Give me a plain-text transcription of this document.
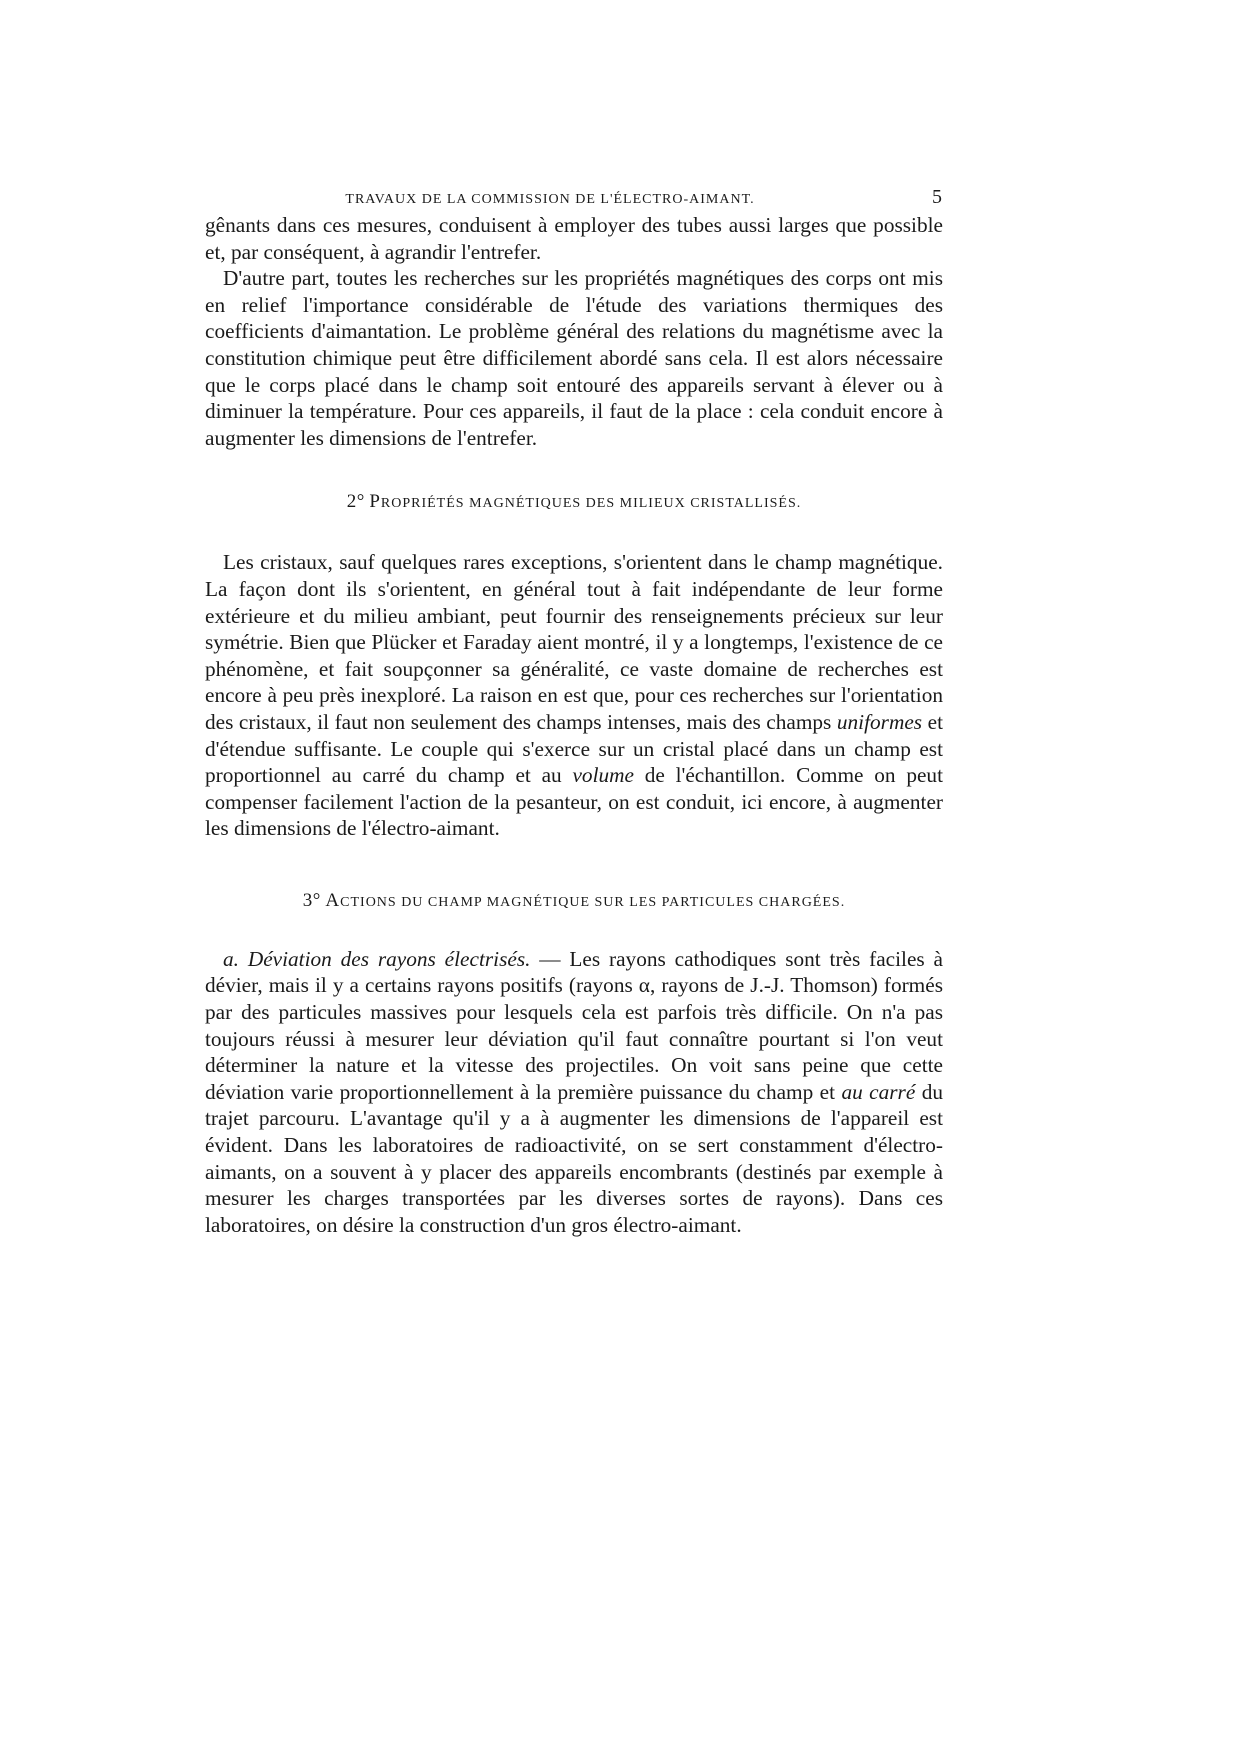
TRAVAUX DE LA COMMISSION DE L'ÉLECTRO-AIMANT.	5

gênants dans ces mesures, conduisent à employer des tubes aussi larges que possible et, par conséquent, à agrandir l'entrefer.

D'autre part, toutes les recherches sur les propriétés magnétiques des corps ont mis en relief l'importance considérable de l'étude des variations thermiques des coefficients d'aimantation. Le problème général des relations du magnétisme avec la constitution chimique peut être difficilement abordé sans cela. Il est alors nécessaire que le corps placé dans le champ soit entouré des appareils servant à élever ou à diminuer la température. Pour ces appareils, il faut de la place : cela conduit encore à augmenter les dimensions de l'entrefer.

2° PROPRIÉTÉS MAGNÉTIQUES DES MILIEUX CRISTALLISÉS.

Les cristaux, sauf quelques rares exceptions, s'orientent dans le champ magnétique. La façon dont ils s'orientent, en général tout à fait indépendante de leur forme extérieure et du milieu ambiant, peut fournir des renseignements précieux sur leur symétrie. Bien que Plücker et Faraday aient montré, il y a longtemps, l'existence de ce phénomène, et fait soupçonner sa généralité, ce vaste domaine de recherches est encore à peu près inexploré. La raison en est que, pour ces recherches sur l'orientation des cristaux, il faut non seulement des champs intenses, mais des champs uniformes et d'étendue suffisante. Le couple qui s'exerce sur un cristal placé dans un champ est proportionnel au carré du champ et au volume de l'échantillon. Comme on peut compenser facilement l'action de la pesanteur, on est conduit, ici encore, à augmenter les dimensions de l'électro-aimant.

3° ACTIONS DU CHAMP MAGNÉTIQUE SUR LES PARTICULES CHARGÉES.

a. Déviation des rayons électrisés. — Les rayons cathodiques sont très faciles à dévier, mais il y a certains rayons positifs (rayons α, rayons de J.-J. Thomson) formés par des particules massives pour lesquels cela est parfois très difficile. On n'a pas toujours réussi à mesurer leur déviation qu'il faut connaître pourtant si l'on veut déterminer la nature et la vitesse des projectiles. On voit sans peine que cette déviation varie proportionnellement à la première puissance du champ et au carré du trajet parcouru. L'avantage qu'il y a à augmenter les dimensions de l'appareil est évident. Dans les laboratoires de radioactivité, on se sert constamment d'électro-aimants, on a souvent à y placer des appareils encombrants (destinés par exemple à mesurer les charges transportées par les diverses sortes de rayons). Dans ces laboratoires, on désire la construction d'un gros électro-aimant.
